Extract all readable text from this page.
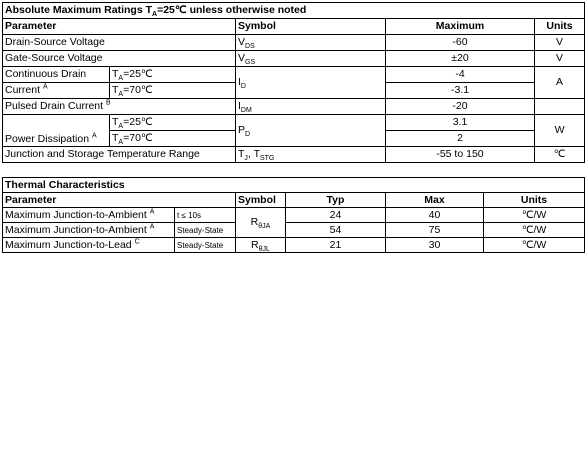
Absolute Maximum Ratings $T_A=25℃$ unless otherwise noted				
Parameter		Symbol	Maximum	Units
Drain-Source Voltage		$V_{DS}$	-60	V
Gate-Source Voltage		$V_{GS}$	±20	V
Continuous Drain	$T_A=25℃$	$I_D$	-4	A
Current $^A$	$T_A=70℃$		-3.1	
Pulsed Drain Current $^B$		$I_{DM}$	-20	
Power Dissipation $^A$	$T_A=25℃$	$P_D$	3.1	W
	$T_A=70℃$		2	
Junction and Storage Temperature Range		$T_J$, $T_{STG}$	-55 to 150	℃
Thermal Characteristics					
Parameter		Symbol	Typ	Max	Units
Maximum Junction-to-Ambient $^A$	t ≤ 10s	$R_{\theta JA}$	24	40	℃/W
Maximum Junction-to-Ambient $^A$	Steady-State		54	75	℃/W
Maximum Junction-to-Lead $^C$	Steady-State	$R_{\theta JL}$	21	30	℃/W
